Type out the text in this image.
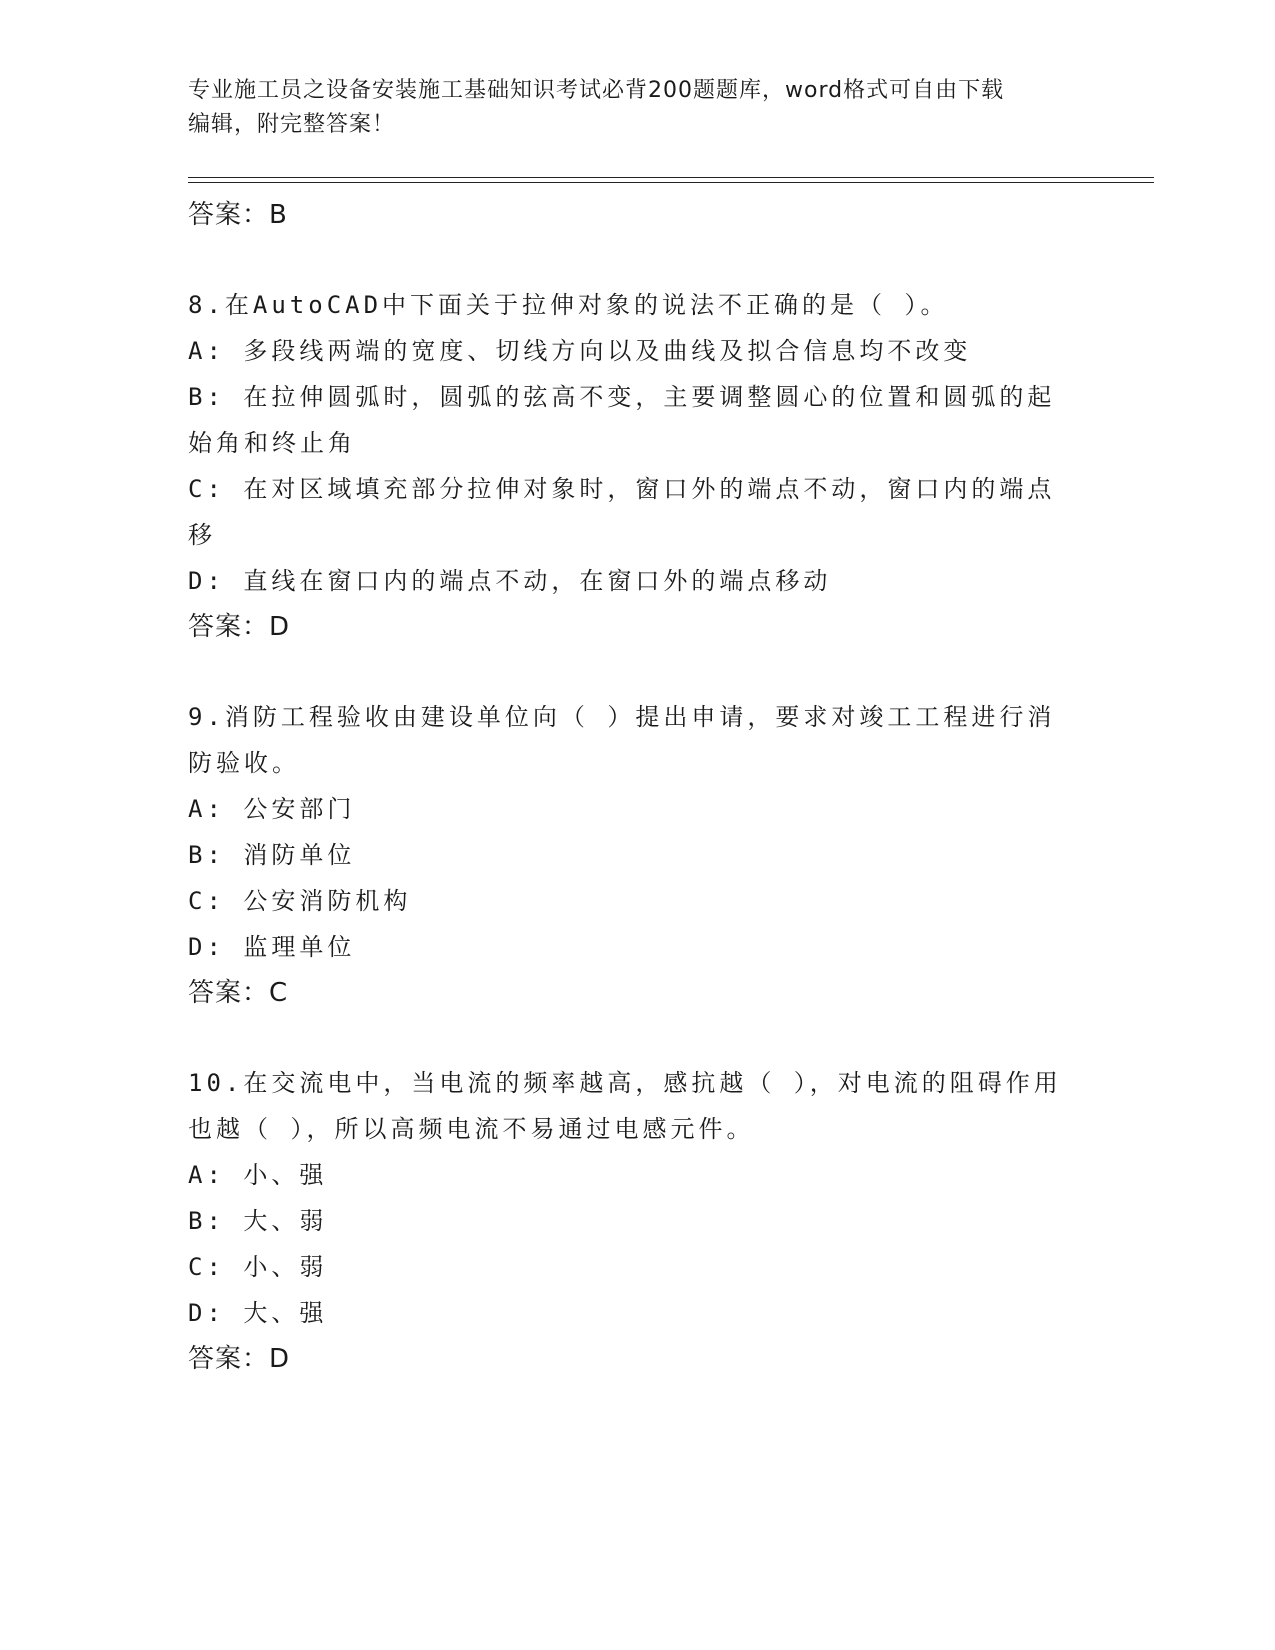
专业施工员之设备安装施工基础知识考试必背200题题库，word格式可自由下载
编辑，附完整答案！
答案：B
8.在AutoCAD中下面关于拉伸对象的说法不正确的是（ ）。
A: 多段线两端的宽度、切线方向以及曲线及拟合信息均不改变
B: 在拉伸圆弧时，圆弧的弦高不变，主要调整圆心的位置和圆弧的起始角和终止角
C: 在对区域填充部分拉伸对象时，窗口外的端点不动，窗口内的端点移
D: 直线在窗口内的端点不动，在窗口外的端点移动
答案：D
9.消防工程验收由建设单位向（ ）提出申请，要求对竣工工程进行消防验收。
A: 公安部门
B: 消防单位
C: 公安消防机构
D: 监理单位
答案：C
10.在交流电中，当电流的频率越高，感抗越（ ），对电流的阻碍作用也越（ ），所以高频电流不易通过电感元件。
A: 小、强
B: 大、弱
C: 小、弱
D: 大、强
答案：D
